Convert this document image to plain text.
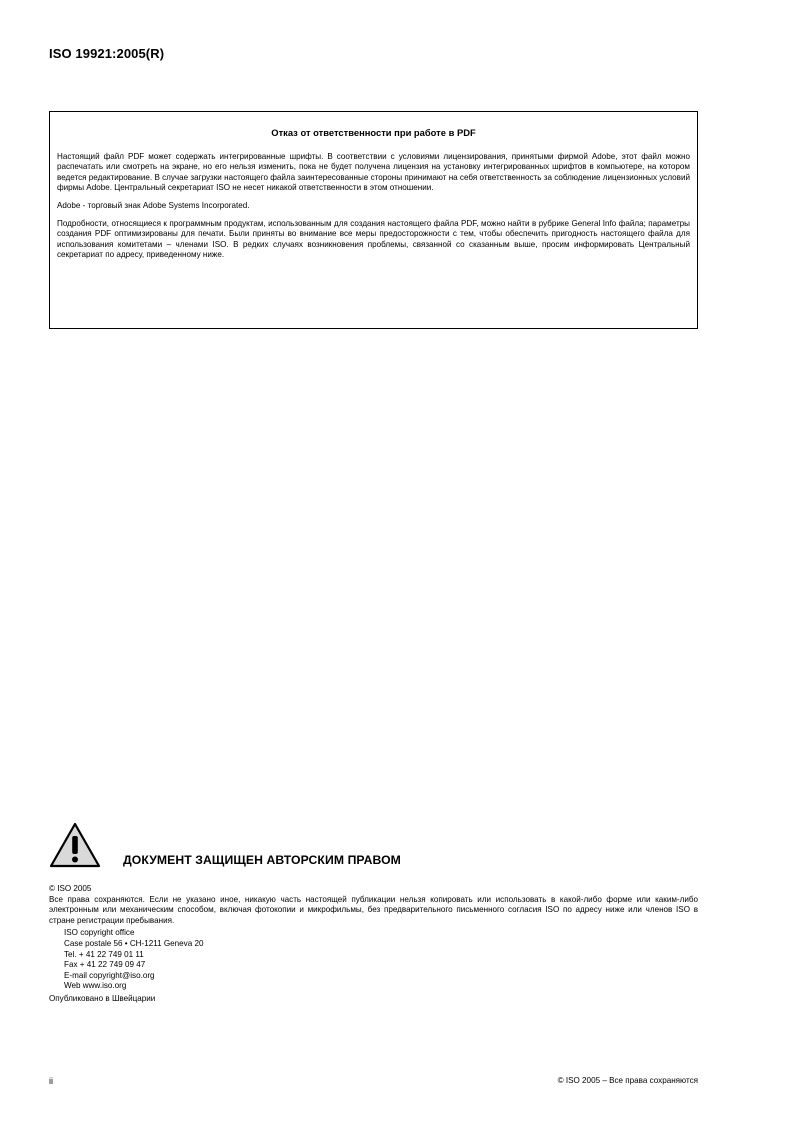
ISO 19921:2005(R)
Отказ от ответственности при работе в PDF

Настоящий файл PDF может содержать интегрированные шрифты. В соответствии с условиями лицензирования, принятыми фирмой Adobe, этот файл можно распечатать или смотреть на экране, но его нельзя изменить, пока не будет получена лицензия на установку интегрированных шрифтов в компьютере, на котором ведется редактирование. В случае загрузки настоящего файла заинтересованные стороны принимают на себя ответственность за соблюдение лицензионных условий фирмы Adobe. Центральный секретариат ISO не несет никакой ответственности в этом отношении.

Adobe - торговый знак Adobe Systems Incorporated.

Подробности, относящиеся к программным продуктам, использованным для создания настоящего файла PDF, можно найти в рубрике General Info файла; параметры создания PDF оптимизированы для печати. Были приняты во внимание все меры предосторожности с тем, чтобы обеспечить пригодность настоящего файла для использования комитетами – членами ISO. В редких случаях возникновения проблемы, связанной со сказанным выше, просим информировать Центральный секретариат по адресу, приведенному ниже.

ДОКУМЕНТ ЗАЩИЩЕН АВТОРСКИМ ПРАВОМ

© ISO 2005

Все права сохраняются. Если не указано иное, никакую часть настоящей публикации нельзя копировать или использовать в какой-либо форме или каким-либо электронным или механическим способом, включая фотокопии и микрофильмы, без предварительного письменного согласия ISO по адресу ниже или членов ISO в стране регистрации пребывания.

ISO copyright office
Case postale 56 • CH-1211 Geneva 20
Tel. + 41 22 749 01 11
Fax + 41 22 749 09 47
E-mail copyright@iso.org
Web www.iso.org

Опубликовано в Швейцарии

ii	© ISO 2005 – Все права сохраняются
